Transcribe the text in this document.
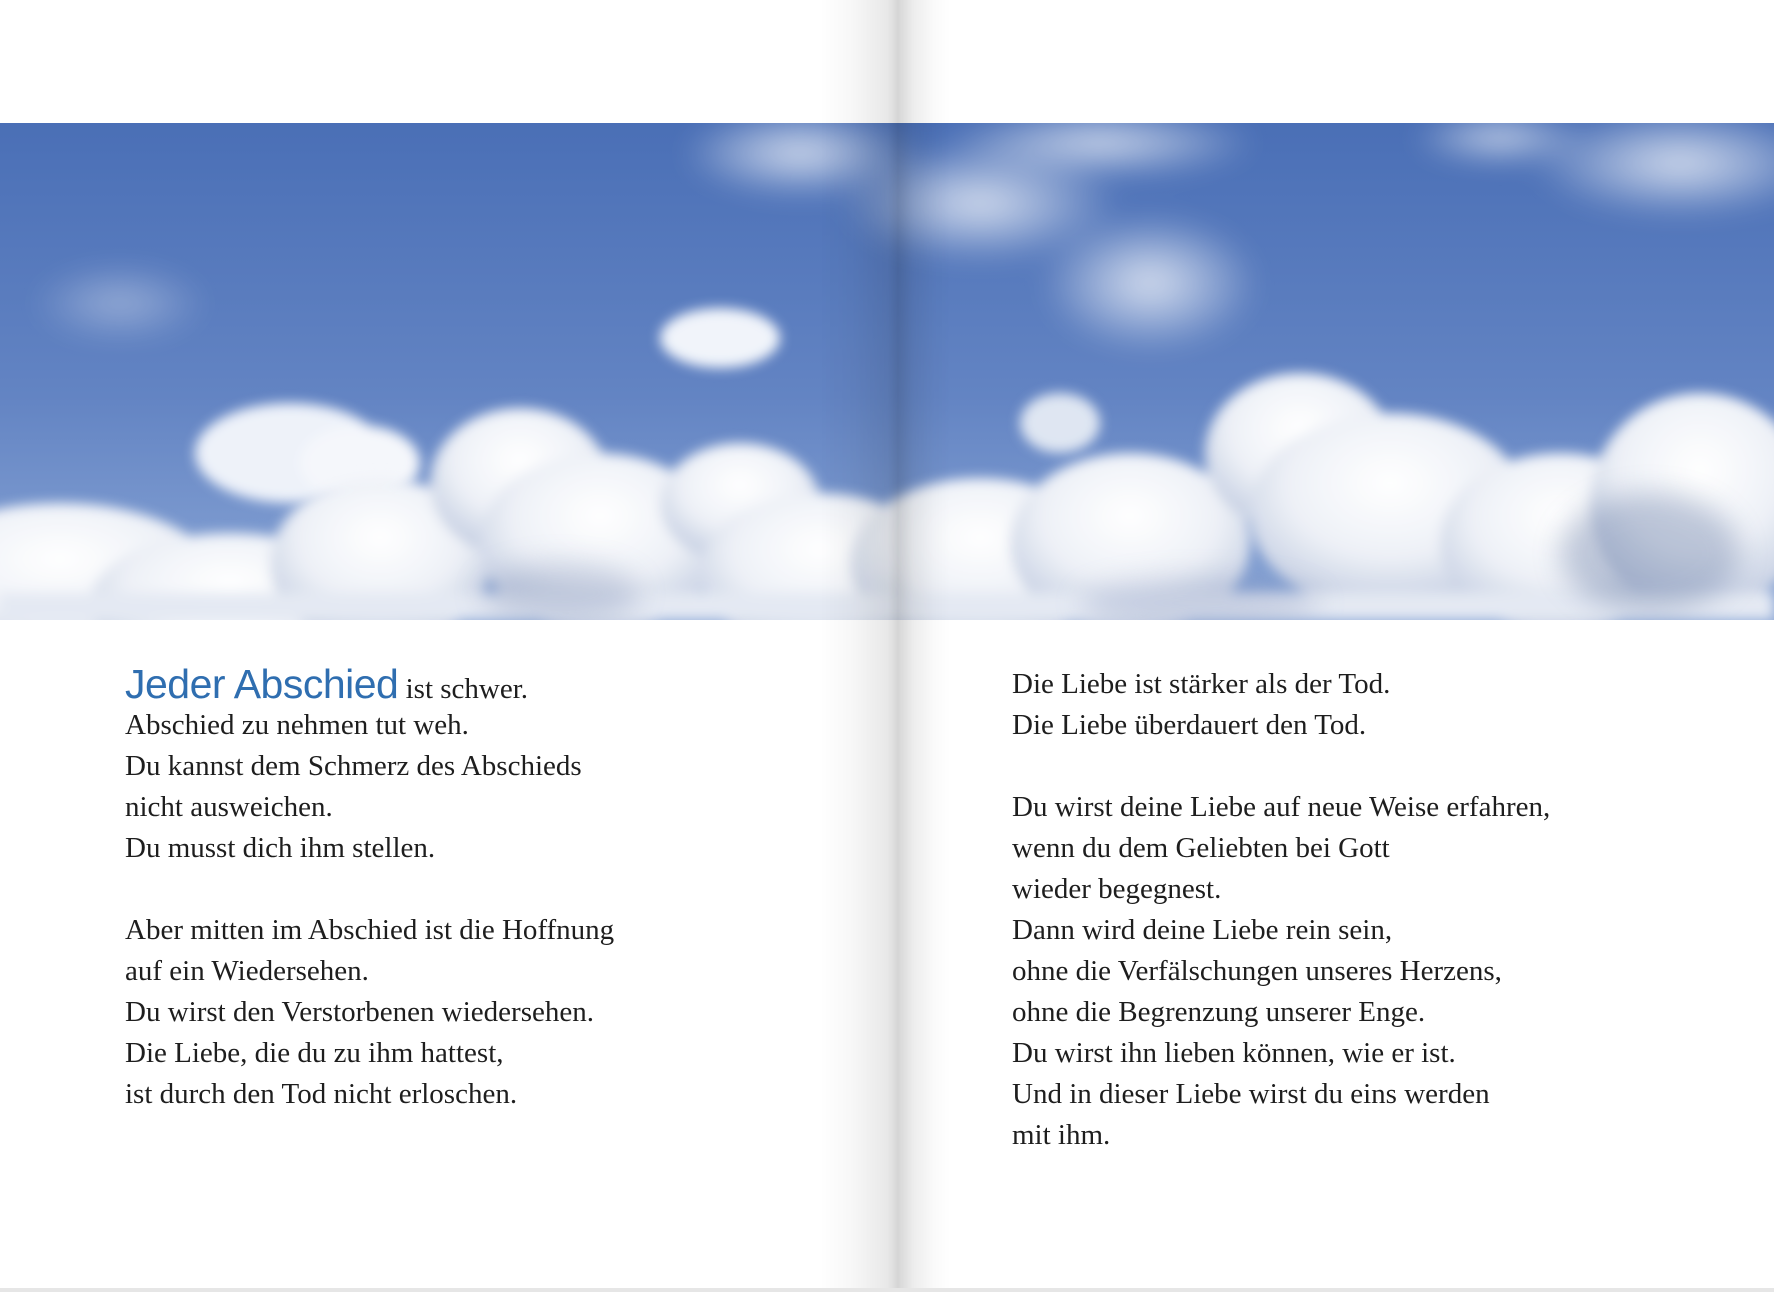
Jeder Abschied ist schwer.
Abschied zu nehmen tut weh.
Du kannst dem Schmerz des Abschieds
nicht ausweichen.
Du musst dich ihm stellen.
Aber mitten im Abschied ist die Hoffnung
auf ein Wiedersehen.
Du wirst den Verstorbenen wiedersehen.
Die Liebe, die du zu ihm hattest,
ist durch den Tod nicht erloschen.
Die Liebe ist stärker als der Tod.
Die Liebe überdauert den Tod.
Du wirst deine Liebe auf neue Weise erfahren,
wenn du dem Geliebten bei Gott
wieder begegnest.
Dann wird deine Liebe rein sein,
ohne die Verfälschungen unseres Herzens,
ohne die Begrenzung unserer Enge.
Du wirst ihn lieben können, wie er ist.
Und in dieser Liebe wirst du eins werden
mit ihm.
